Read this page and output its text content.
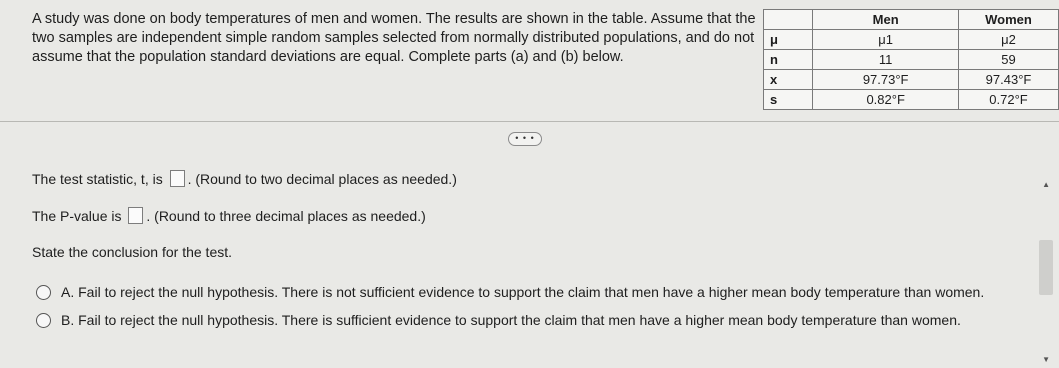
A study was done on body temperatures of men and women. The results are shown in the table. Assume that the two samples are independent simple random samples selected from normally distributed populations, and do not assume that the population standard deviations are equal. Complete parts (a) and (b) below.
	Men	Women
μ	μ1	μ2
n	11	59
x	97.73°F	97.43°F
s	0.82°F	0.72°F
• • •
The test statistic, t, is . (Round to two decimal places as needed.)
The P-value is . (Round to three decimal places as needed.)
State the conclusion for the test.
A. Fail to reject the null hypothesis. There is not sufficient evidence to support the claim that men have a higher mean body temperature than women.
B. Fail to reject the null hypothesis. There is sufficient evidence to support the claim that men have a higher mean body temperature than women.
▲
▼
